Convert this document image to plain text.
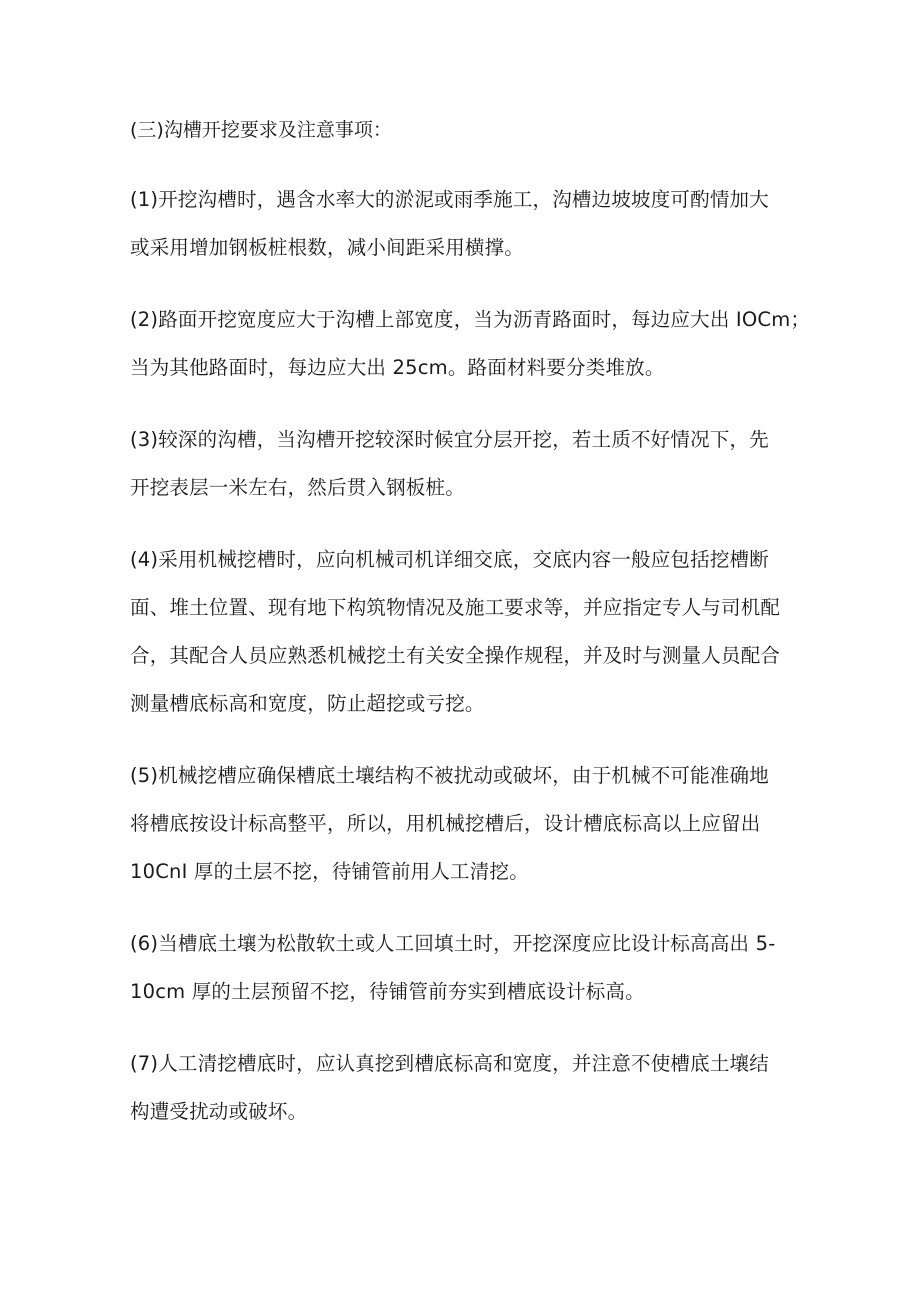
(三)沟槽开挖要求及注意事项：

(1)开挖沟槽时，遇含水率大的淤泥或雨季施工，沟槽边坡坡度可酌情加大
或采用增加钢板桩根数，减小间距采用横撑。

(2)路面开挖宽度应大于沟槽上部宽度，当为沥青路面时，每边应大出 IOCm；
当为其他路面时，每边应大出 25cm。路面材料要分类堆放。

(3)较深的沟槽，当沟槽开挖较深时候宜分层开挖，若土质不好情况下，先
开挖表层一米左右，然后贯入钢板桩。

(4)采用机械挖槽时，应向机械司机详细交底，交底内容一般应包括挖槽断
面、堆土位置、现有地下构筑物情况及施工要求等，并应指定专人与司机配
合，其配合人员应熟悉机械挖土有关安全操作规程，并及时与测量人员配合
测量槽底标高和宽度，防止超挖或亏挖。

(5)机械挖槽应确保槽底土壤结构不被扰动或破坏，由于机械不可能准确地
将槽底按设计标高整平，所以，用机械挖槽后，设计槽底标高以上应留出
10CnI 厚的土层不挖，待铺管前用人工清挖。

(6)当槽底土壤为松散软土或人工回填土时，开挖深度应比设计标高高出 5-
10cm 厚的土层预留不挖，待铺管前夯实到槽底设计标高。

(7)人工清挖槽底时，应认真挖到槽底标高和宽度，并注意不使槽底土壤结
构遭受扰动或破坏。
